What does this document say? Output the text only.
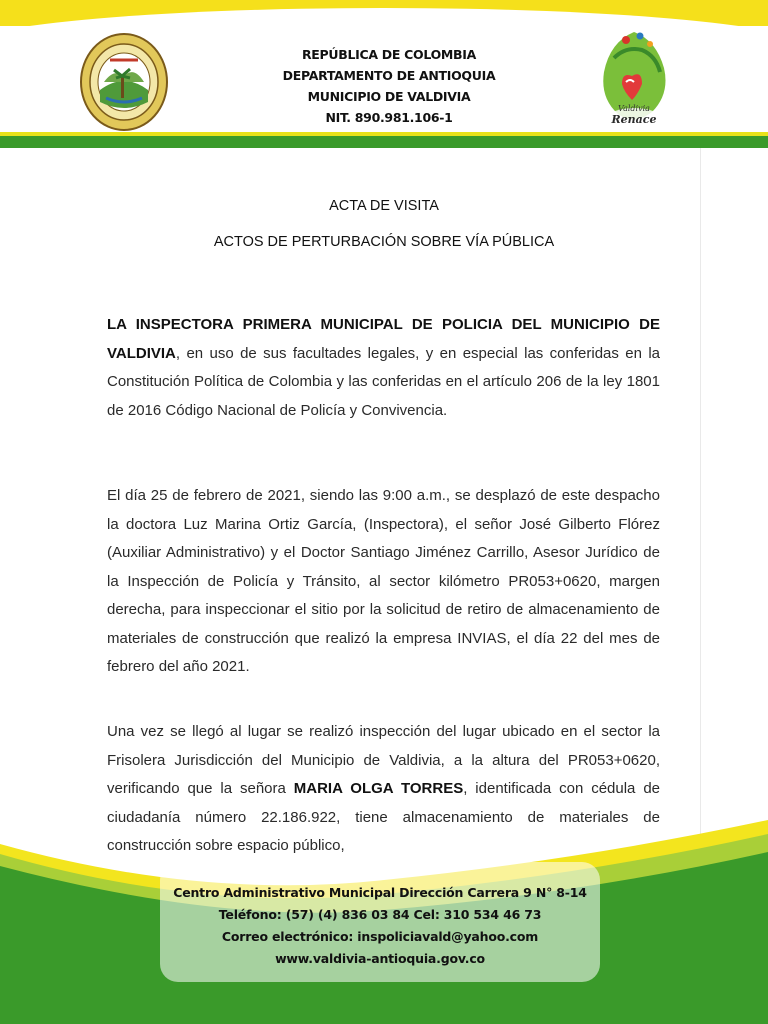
REPÚBLICA DE COLOMBIA
DEPARTAMENTO DE ANTIOQUIA
MUNICIPIO DE VALDIVIA
NIT. 890.981.106-1
Valdivia
Renace
ACTA DE VISITA
ACTOS DE PERTURBACIÓN SOBRE VÍA PÚBLICA

LA INSPECTORA PRIMERA MUNICIPAL DE POLICIA DEL MUNICIPIO DE VALDIVIA, en uso de sus facultades legales, y en especial las conferidas en la Constitución Política de Colombia y las conferidas en el artículo 206 de la ley 1801 de 2016 Código Nacional de Policía y Convivencia.

El día 25 de febrero de 2021, siendo las 9:00 a.m., se desplazó de este despacho la doctora Luz Marina Ortiz García, (Inspectora), el señor José Gilberto Flórez (Auxiliar Administrativo) y el Doctor Santiago Jiménez Carrillo, Asesor Jurídico de la Inspección de Policía y Tránsito, al sector kilómetro PR053+0620, margen derecha, para inspeccionar el sitio por la solicitud de retiro de almacenamiento de materiales de construcción que realizó la empresa INVIAS, el día 22 del mes de febrero del año 2021.

Una vez se llegó al lugar se realizó inspección del lugar ubicado en el sector la Frisolera Jurisdicción del Municipio de Valdivia, a la altura del PR053+0620, verificando que la señora MARIA OLGA TORRES, identificada con cédula de ciudadanía número 22.186.922, tiene almacenamiento de materiales de construcción sobre espacio público,

Centro Administrativo Municipal Dirección Carrera 9 N° 8-14
Teléfono: (57) (4) 836 03 84 Cel: 310 534 46 73
Correo electrónico: inspoliciavald@yahoo.com
www.valdivia-antioquia.gov.co
